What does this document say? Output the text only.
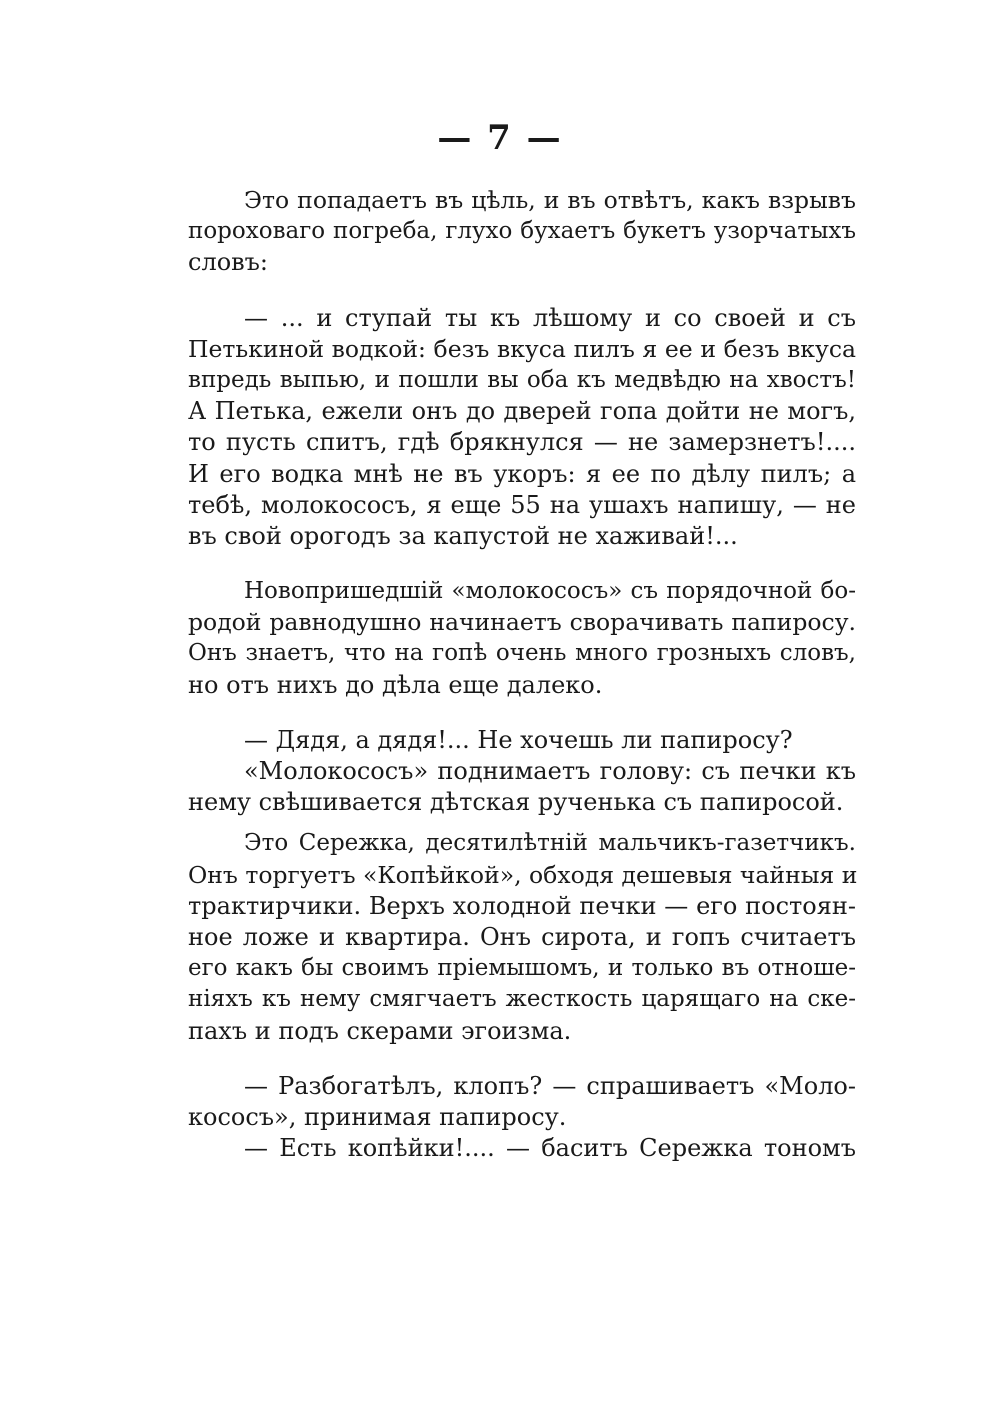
— 7 —
Это попадаетъ въ цѣль, и въ отвѣтъ, какъ взрывъ
пороховаго погреба, глухо бухаетъ букетъ узорчатыхъ
словъ:
— ... и ступай ты къ лѣшому и со своей и съ
Петькиной водкой: безъ вкуса пилъ я ее и безъ вкуса
впредь выпью, и пошли вы оба къ медвѣдю на хвостъ!
А Петька, ежели онъ до дверей гопа дойти не могъ,
то пусть спитъ, гдѣ брякнулся — не замерзнетъ!....
И его водка мнѣ не въ укоръ: я ее по дѣлу пилъ; а
тебѣ, молокососъ, я еще 55 на ушахъ напишу, — не
въ свой орогодъ за капустой не хаживай!...
Новопришедшій «молокососъ» съ порядочной бо-
родой равнодушно начинаетъ сворачивать папиросу.
Онъ знаетъ, что на гопѣ очень много грозныхъ словъ,
но отъ нихъ до дѣла еще далеко.
— Дядя, а дядя!... Не хочешь ли папиросу?
«Молокососъ» поднимаетъ голову: съ печки къ
нему свѣшивается дѣтская рученька съ папиросой.
Это Сережка, десятилѣтній мальчикъ-газетчикъ.
Онъ торгуетъ «Копѣйкой», обходя дешевыя чайныя и
трактирчики. Верхъ холодной печки — его постоян-
ное ложе и квартира. Онъ сирота, и гопъ считаетъ
его какъ бы своимъ пріемышомъ, и только въ отноше-
ніяхъ къ нему смягчаетъ жесткость царящаго на ске-
пахъ и подъ скерами эгоизма.
— Разбогатѣлъ, клопъ? — спрашиваетъ «Моло-
кососъ», принимая папиросу.
— Есть копѣйки!.... — баситъ Сережка тономъ
